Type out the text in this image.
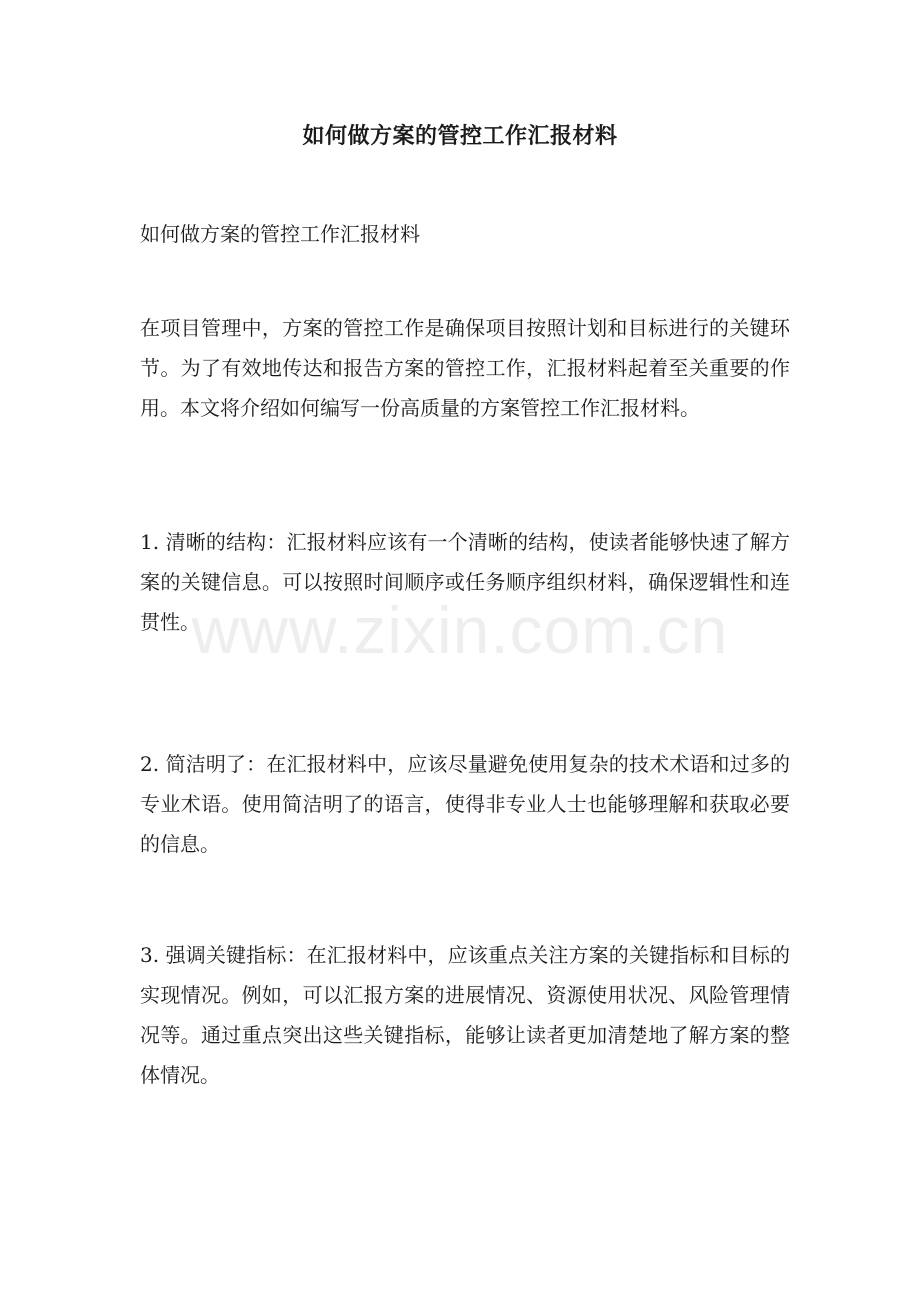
如何做方案的管控工作汇报材料

如何做方案的管控工作汇报材料

在项目管理中，方案的管控工作是确保项目按照计划和目标进行的关键环节。为了有效地传达和报告方案的管控工作，汇报材料起着至关重要的作用。本文将介绍如何编写一份高质量的方案管控工作汇报材料。

1. 清晰的结构：汇报材料应该有一个清晰的结构，使读者能够快速了解方案的关键信息。可以按照时间顺序或任务顺序组织材料，确保逻辑性和连贯性。

2. 简洁明了：在汇报材料中，应该尽量避免使用复杂的技术术语和过多的专业术语。使用简洁明了的语言，使得非专业人士也能够理解和获取必要的信息。

3. 强调关键指标：在汇报材料中，应该重点关注方案的关键指标和目标的实现情况。例如，可以汇报方案的进展情况、资源使用状况、风险管理情况等。通过重点突出这些关键指标，能够让读者更加清楚地了解方案的整体情况。

www.zixin.com.cn
